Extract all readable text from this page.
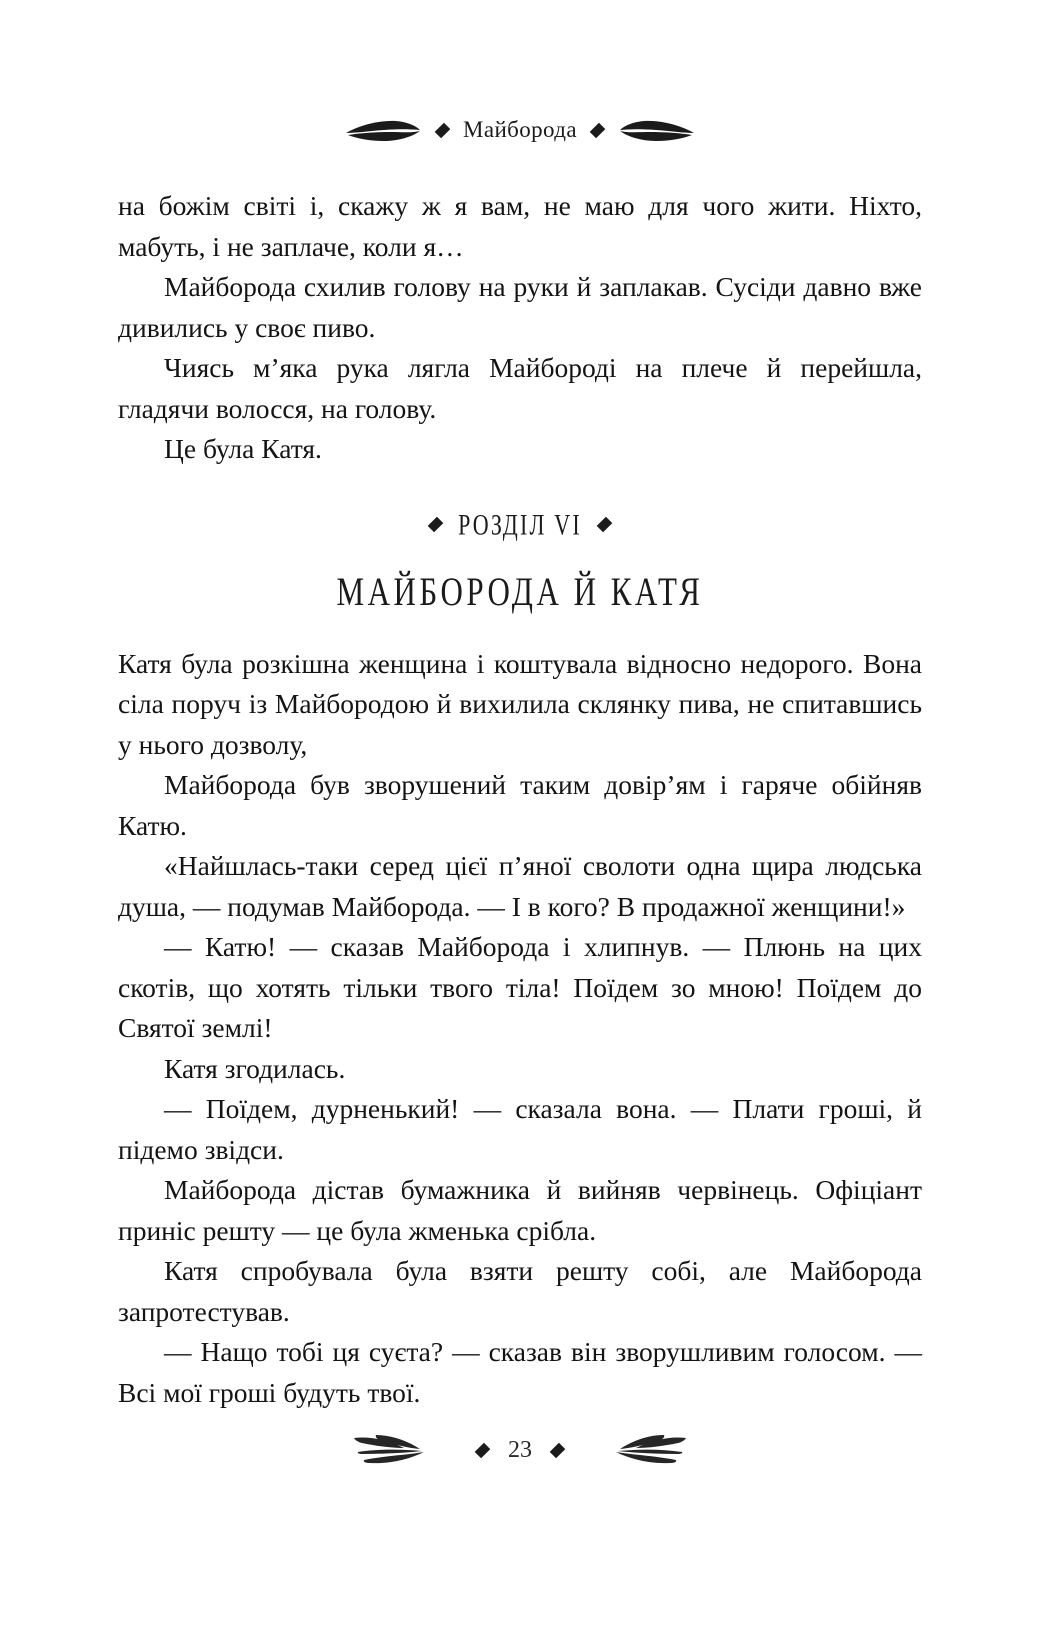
Майборода

на божім світі і, скажу ж я вам, не маю для чого жити. Ніхто, мабуть, і не заплаче, коли я…

Майборода схилив голову на руки й заплакав. Сусіди давно вже дивились у своє пиво.

Чиясь м’яка рука лягла Майбороді на плече й перейшла, гладячи волосся, на голову.

Це була Катя.

РОЗДІЛ VI
МАЙБОРОДА Й КАТЯ

Катя була розкішна женщина і коштувала відносно недорого. Вона сіла поруч із Майбородою й вихилила склянку пива, не спитавшись у нього дозволу,

Майборода був зворушений таким довір’ям і гаряче обійняв Катю.

«Найшлась-таки серед цієї п’яної сволоти одна щира людська душа, — подумав Майборода. — І в кого? В продажної женщини!»

— Катю! — сказав Майборода і хлипнув. — Плюнь на цих скотів, що хотять тільки твого тіла! Поїдем зо мною! Поїдем до Святої землі!

Катя згодилась.

— Поїдем, дурненький! — сказала вона. — Плати гроші, й підемо звідси.

Майборода дістав бумажника й вийняв червінець. Офіціант приніс решту — це була жменька срібла.

Катя спробувала була взяти решту собі, але Майборода запротестував.

— Нащо тобі ця суєта? — сказав він зворушливим голосом. — Всі мої гроші будуть твої.

23
